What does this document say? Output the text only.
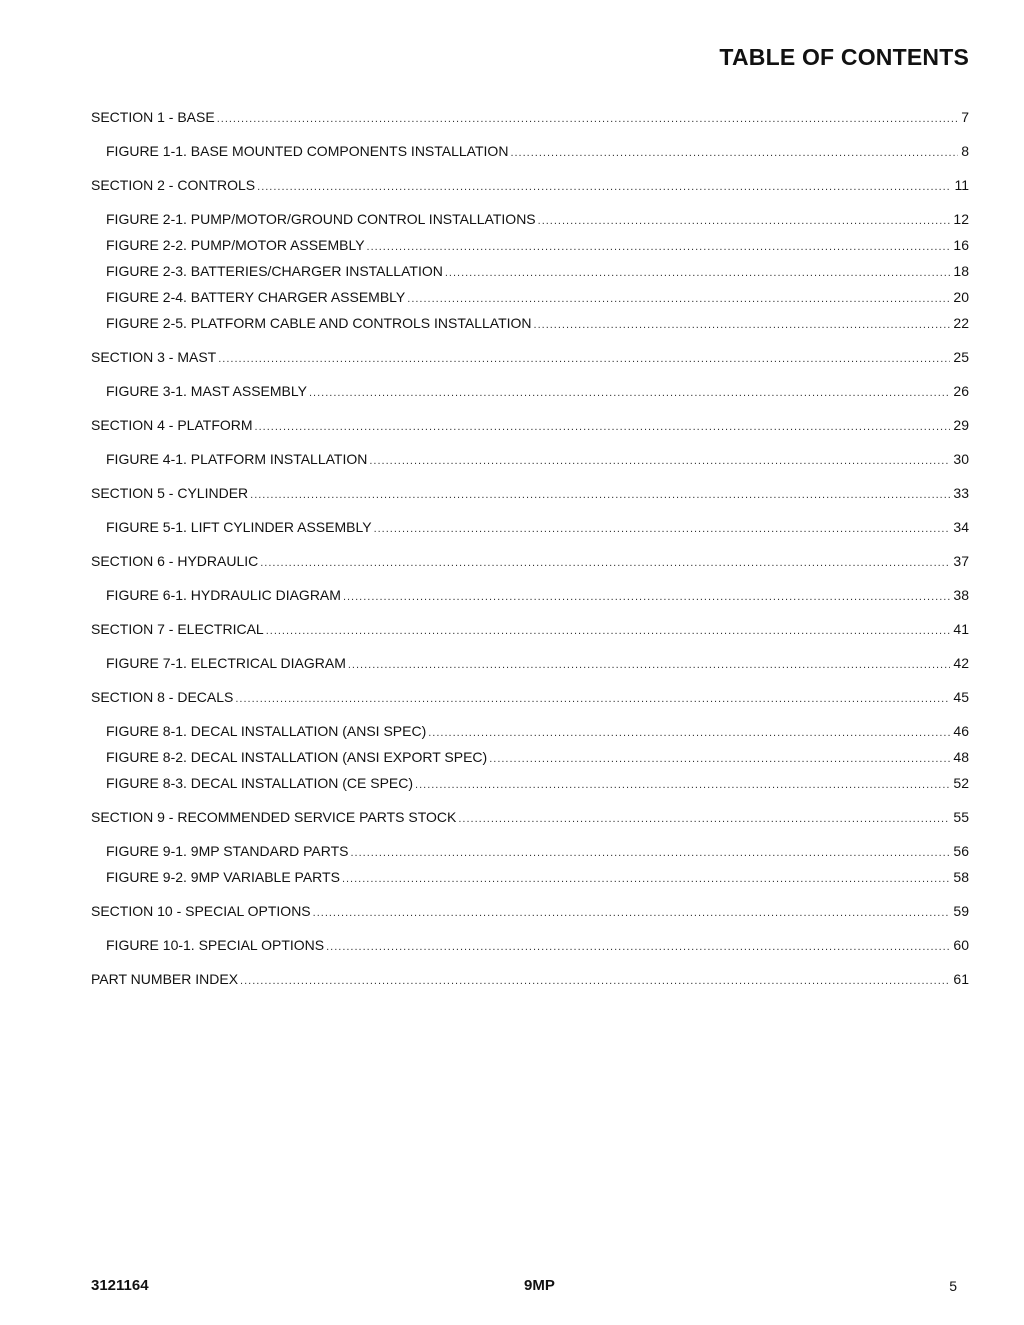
TABLE OF CONTENTS
SECTION 1 - BASE .....	7
FIGURE 1-1. BASE MOUNTED COMPONENTS INSTALLATION .....	8
SECTION 2 - CONTROLS .....	11
FIGURE 2-1. PUMP/MOTOR/GROUND CONTROL INSTALLATIONS .....	12
FIGURE 2-2. PUMP/MOTOR ASSEMBLY .....	16
FIGURE 2-3. BATTERIES/CHARGER INSTALLATION .....	18
FIGURE 2-4. BATTERY CHARGER ASSEMBLY .....	20
FIGURE 2-5. PLATFORM CABLE AND CONTROLS INSTALLATION .....	22
SECTION 3 - MAST .....	25
FIGURE 3-1. MAST ASSEMBLY .....	26
SECTION 4 - PLATFORM .....	29
FIGURE 4-1. PLATFORM INSTALLATION .....	30
SECTION 5 - CYLINDER .....	33
FIGURE 5-1. LIFT CYLINDER ASSEMBLY .....	34
SECTION 6 - HYDRAULIC .....	37
FIGURE 6-1. HYDRAULIC DIAGRAM .....	38
SECTION 7 - ELECTRICAL .....	41
FIGURE 7-1. ELECTRICAL DIAGRAM .....	42
SECTION 8 - DECALS .....	45
FIGURE 8-1. DECAL INSTALLATION (ANSI SPEC) .....	46
FIGURE 8-2. DECAL INSTALLATION (ANSI EXPORT SPEC) .....	48
FIGURE 8-3. DECAL INSTALLATION (CE SPEC) .....	52
SECTION 9 - RECOMMENDED SERVICE PARTS STOCK .....	55
FIGURE 9-1. 9MP STANDARD PARTS .....	56
FIGURE 9-2. 9MP VARIABLE PARTS .....	58
SECTION 10 - SPECIAL OPTIONS .....	59
FIGURE 10-1. SPECIAL OPTIONS .....	60
PART NUMBER INDEX .....	61
3121164	9MP	5
